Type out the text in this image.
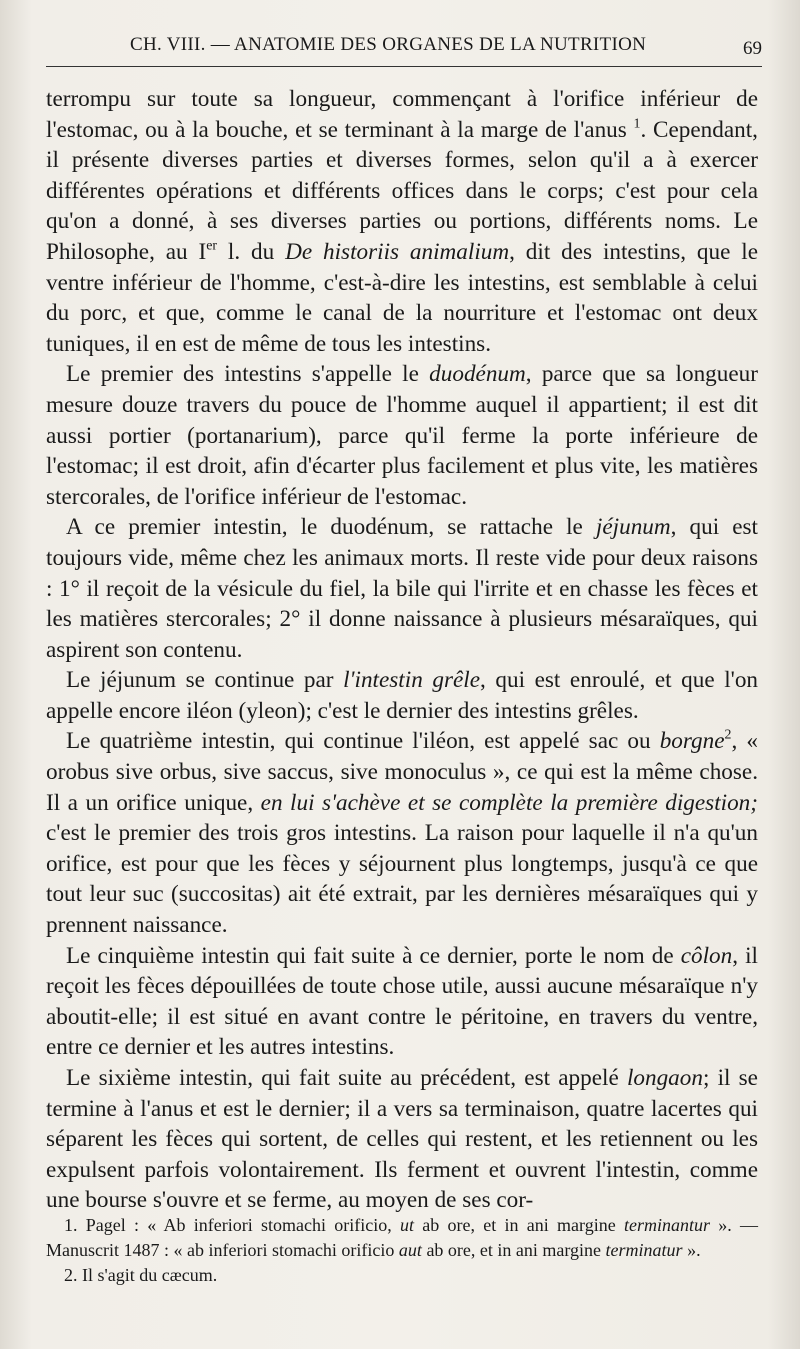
CH. VIII. — ANATOMIE DES ORGANES DE LA NUTRITION	69

terrompu sur toute sa longueur, commençant à l'orifice inférieur de l'estomac, ou à la bouche, et se terminant à la marge de l'anus $^1$. Cependant, il présente diverses parties et diverses formes, selon qu'il a à exercer différentes opérations et différents offices dans le corps; c'est pour cela qu'on a donné, à ses diverses parties ou portions, différents noms. Le Philosophe, au Ier l. du De historiis animalium, dit des intestins, que le ventre inférieur de l'homme, c'est-à-dire les intestins, est semblable à celui du porc, et que, comme le canal de la nourriture et l'estomac ont deux tuniques, il en est de même de tous les intestins.

Le premier des intestins s'appelle le duodénum, parce que sa longueur mesure douze travers du pouce de l'homme auquel il appartient; il est dit aussi portier (portanarium), parce qu'il ferme la porte inférieure de l'estomac; il est droit, afin d'écarter plus facilement et plus vite, les matières stercorales, de l'orifice inférieur de l'estomac.

A ce premier intestin, le duodénum, se rattache le jéjunum, qui est toujours vide, même chez les animaux morts. Il reste vide pour deux raisons : 1° il reçoit de la vésicule du fiel, la bile qui l'irrite et en chasse les fèces et les matières stercorales; 2° il donne naissance à plusieurs mésaraïques, qui aspirent son contenu.

Le jéjunum se continue par l'intestin grêle, qui est enroulé, et que l'on appelle encore iléon (yleon); c'est le dernier des intestins grêles.

Le quatrième intestin, qui continue l'iléon, est appelé sac ou borgne$^2$, « orobus sive orbus, sive saccus, sive monoculus », ce qui est la même chose. Il a un orifice unique, en lui s'achève et se complète la première digestion; c'est le premier des trois gros intestins. La raison pour laquelle il n'a qu'un orifice, est pour que les fèces y séjournent plus longtemps, jusqu'à ce que tout leur suc (succositas) ait été extrait, par les dernières mésaraïques qui y prennent naissance.

Le cinquième intestin qui fait suite à ce dernier, porte le nom de côlon, il reçoit les fèces dépouillées de toute chose utile, aussi aucune mésaraïque n'y aboutit-elle; il est situé en avant contre le péritoine, en travers du ventre, entre ce dernier et les autres intestins.

Le sixième intestin, qui fait suite au précédent, est appelé longaon; il se termine à l'anus et est le dernier; il a vers sa terminaison, quatre lacertes qui séparent les fèces qui sortent, de celles qui restent, et les retiennent ou les expulsent parfois volontairement. Ils ferment et ouvrent l'intestin, comme une bourse s'ouvre et se ferme, au moyen de ses cor-

1. Pagel : « Ab inferiori stomachi orificio, ut ab ore, et in ani margine terminantur ». — Manuscrit 1487 : « ab inferiori stomachi orificio aut ab ore, et in ani margine terminatur ».

2. Il s'agit du cæcum.
